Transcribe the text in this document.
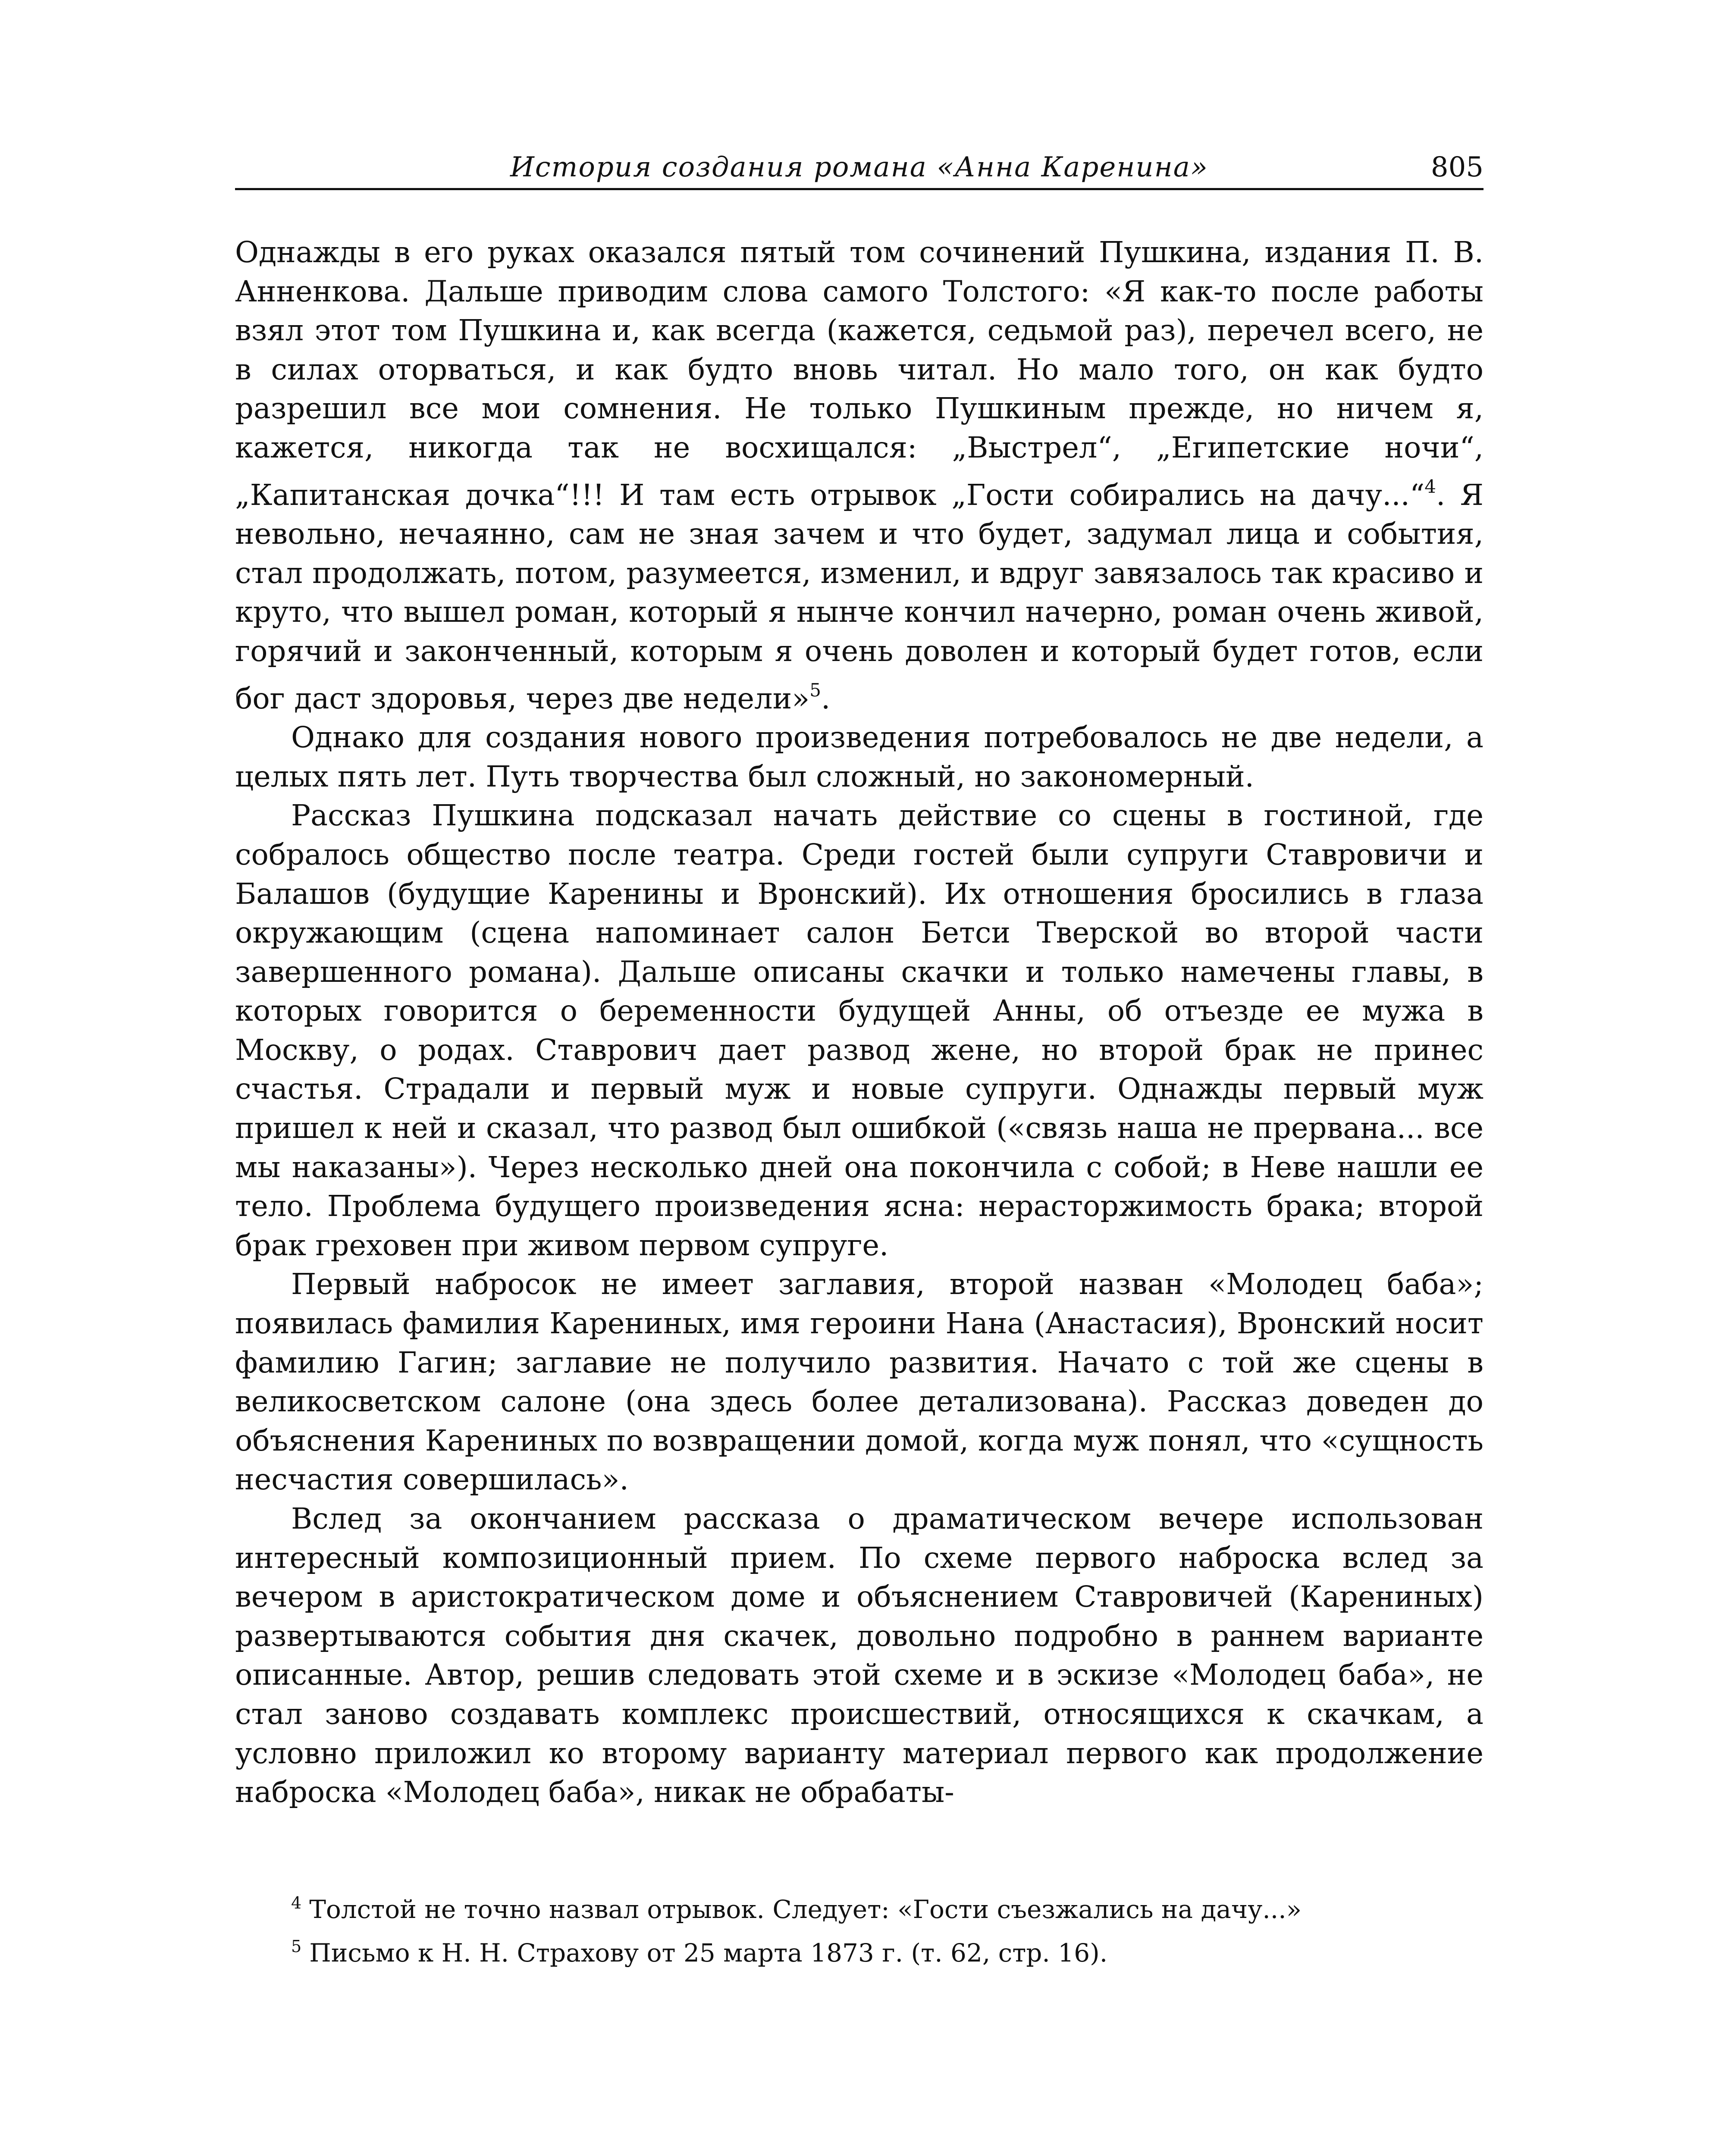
История создания романа «Анна Каренина»	805

Однажды в его руках оказался пятый том сочинений Пушкина, издания П. В. Анненкова. Дальше приводим слова самого Толстого: «Я как-то после работы взял этот том Пушкина и, как всегда (кажется, седьмой раз), перечел всего, не в силах оторваться, и как будто вновь читал. Но мало того, он как будто разрешил все мои сомнения. Не только Пушкиным прежде, но ничем я, кажется, никогда так не восхищался: „Выстрел“, „Египетские ночи“, „Капитанская дочка“!!! И там есть отрывок „Гости собирались на дачу...“$^4$. Я невольно, нечаянно, сам не зная зачем и что будет, задумал лица и события, стал продолжать, потом, разумеется, изменил, и вдруг завязалось так красиво и круто, что вышел роман, который я нынче кончил начерно, роман очень живой, горячий и законченный, которым я очень доволен и который будет готов, если бог даст здоровья, через две недели»$^5$.

Однако для создания нового произведения потребовалось не две недели, а целых пять лет. Путь творчества был сложный, но закономерный.

Рассказ Пушкина подсказал начать действие со сцены в гостиной, где собралось общество после театра. Среди гостей были супруги Ставровичи и Балашов (будущие Каренины и Вронский). Их отношения бросились в глаза окружающим (сцена напоминает салон Бетси Тверской во второй части завершенного романа). Дальше описаны скачки и только намечены главы, в которых говорится о беременности будущей Анны, об отъезде ее мужа в Москву, о родах. Ставрович дает развод жене, но второй брак не принес счастья. Страдали и первый муж и новые супруги. Однажды первый муж пришел к ней и сказал, что развод был ошибкой («связь наша не прервана... все мы наказаны»). Через несколько дней она покончила с собой; в Неве нашли ее тело. Проблема будущего произведения ясна: нерасторжимость брака; второй брак греховен при живом первом супруге.

Первый набросок не имеет заглавия, второй назван «Молодец баба»; появилась фамилия Карениных, имя героини Нана (Анастасия), Вронский носит фамилию Гагин; заглавие не получило развития. Начато с той же сцены в великосветском салоне (она здесь более детализована). Рассказ доведен до объяснения Карениных по возвращении домой, когда муж понял, что «сущность несчастия совершилась».

Вслед за окончанием рассказа о драматическом вечере использован интересный композиционный прием. По схеме первого наброска вслед за вечером в аристократическом доме и объяснением Ставровичей (Карениных) развертываются события дня скачек, довольно подробно в раннем варианте описанные. Автор, решив следовать этой схеме и в эскизе «Молодец баба», не стал заново создавать комплекс происшествий, относящихся к скачкам, а условно приложил ко второму варианту материал первого как продолжение наброска «Молодец баба», никак не обрабаты-

$^4$ Толстой не точно назвал отрывок. Следует: «Гости съезжались на дачу...»

$^5$ Письмо к Н. Н. Страхову от 25 марта 1873 г. (т. 62, стр. 16).
